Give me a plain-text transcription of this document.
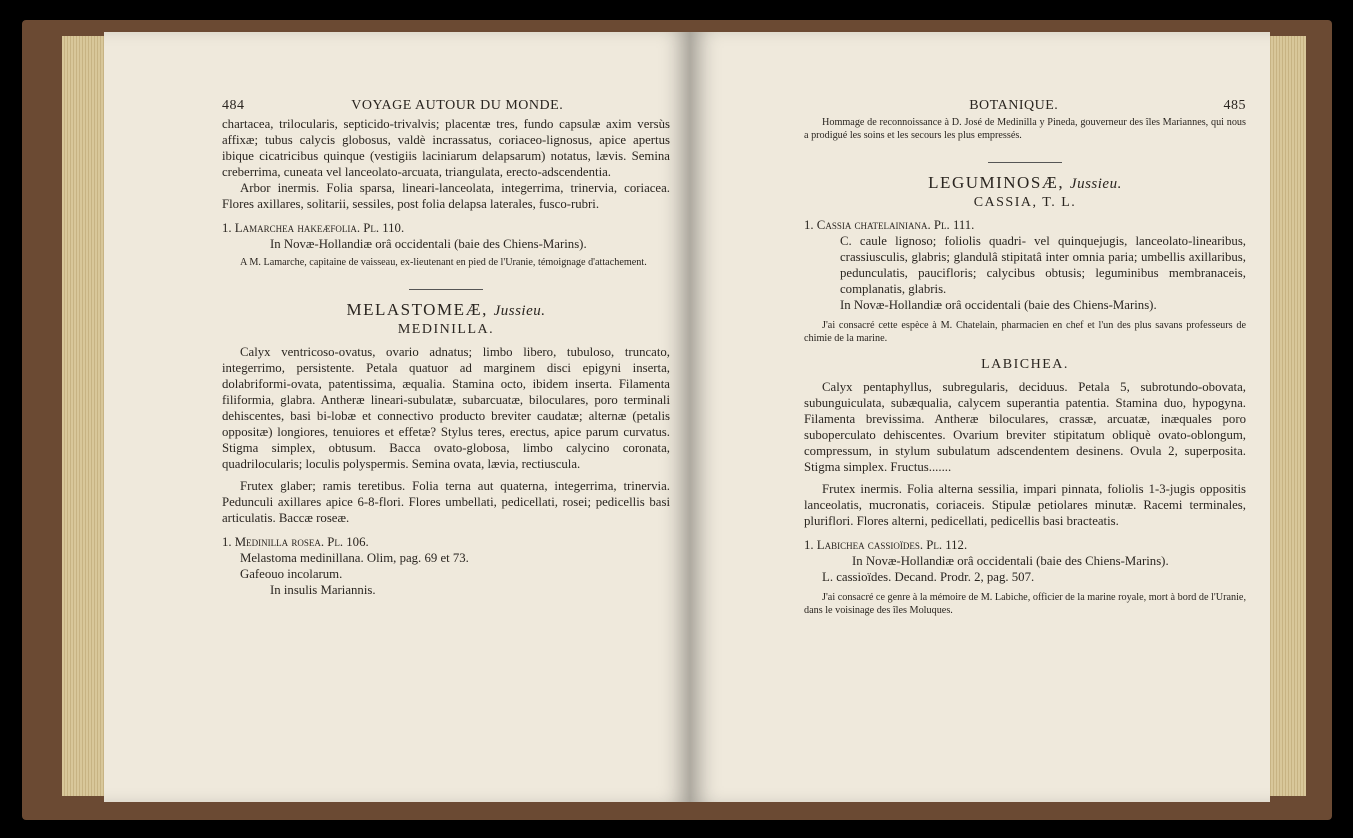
484	VOYAGE AUTOUR DU MONDE.

chartacea, trilocularis, septicido-trivalvis; placentæ tres, fundo capsulæ axim versùs affixæ; tubus calycis globosus, valdè incrassatus, coriaceo-lignosus, apice apertus ibique cicatricibus quinque (vestigiis laciniarum delapsarum) notatus, lævis. Semina creberrima, cuneata vel lanceolato-arcuata, triangulata, erecto-adscendentia.

Arbor inermis. Folia sparsa, lineari-lanceolata, integerrima, trinervia, coriacea. Flores axillares, solitarii, sessiles, post folia delapsa laterales, fusco-rubri.

1. Lamarchea hakeæfolia. Pl. 110.

In Novæ-Hollandiæ orâ occidentali (baie des Chiens-Marins).

A M. Lamarche, capitaine de vaisseau, ex-lieutenant en pied de l'Uranie, témoignage d'attachement.

MELASTOMEÆ, Jussieu.
MEDINILLA.

Calyx ventricoso-ovatus, ovario adnatus; limbo libero, tubuloso, truncato, integerrimo, persistente. Petala quatuor ad marginem disci epigyni inserta, dolabriformi-ovata, patentissima, æqualia. Stamina octo, ibidem inserta. Filamenta filiformia, glabra. Antheræ lineari-subulatæ, subarcuatæ, biloculares, poro terminali dehiscentes, basi bi-lobæ et connectivo producto breviter caudatæ; alternæ (petalis oppositæ) longiores, tenuiores et effetæ? Stylus teres, erectus, apice parum curvatus. Stigma simplex, obtusum. Bacca ovato-globosa, limbo calycino coronata, quadrilocularis; loculis polyspermis. Semina ovata, lævia, rectiuscula.

Frutex glaber; ramis teretibus. Folia terna aut quaterna, integerrima, trinervia. Pedunculi axillares apice 6-8-flori. Flores umbellati, pedicellati, rosei; pedicellis basi articulatis. Baccæ roseæ.

1. Medinilla rosea. Pl. 106.

Melastoma medinillana. Olim, pag. 69 et 73.

Gafeouo incolarum.

In insulis Mariannis.

BOTANIQUE.	485

Hommage de reconnoissance à D. José de Medinilla y Pineda, gouverneur des îles Mariannes, qui nous a prodigué les soins et les secours les plus empressés.

LEGUMINOSÆ, Jussieu.
CASSIA, T. L.

1. Cassia chatelainiana. Pl. 111.

C. caule lignoso; foliolis quadri- vel quinquejugis, lanceolato-linearibus, crassiusculis, glabris; glandulâ stipitatâ inter omnia paria; umbellis axillaribus, pedunculatis, paucifloris; calycibus obtusis; leguminibus membranaceis, complanatis, glabris.

In Novæ-Hollandiæ orâ occidentali (baie des Chiens-Marins).

J'ai consacré cette espèce à M. Chatelain, pharmacien en chef et l'un des plus savans professeurs de chimie de la marine.

LABICHEA.

Calyx pentaphyllus, subregularis, deciduus. Petala 5, subrotundo-obovata, subunguiculata, subæqualia, calycem superantia patentia. Stamina duo, hypogyna. Filamenta brevissima. Antheræ biloculares, crassæ, arcuatæ, inæquales poro suboperculato dehiscentes. Ovarium breviter stipitatum obliquè ovato-oblongum, compressum, in stylum subulatum adscendentem desinens. Ovula 2, superposita. Stigma simplex. Fructus.......

Frutex inermis. Folia alterna sessilia, impari pinnata, foliolis 1-3-jugis oppositis lanceolatis, mucronatis, coriaceis. Stipulæ petiolares minutæ. Racemi terminales, pluriflori. Flores alterni, pedicellati, pedicellis basi bracteatis.

1. Labichea cassioïdes. Pl. 112.

In Novæ-Hollandiæ orâ occidentali (baie des Chiens-Marins).

L. cassioïdes. Decand. Prodr. 2, pag. 507.

J'ai consacré ce genre à la mémoire de M. Labiche, officier de la marine royale, mort à bord de l'Uranie, dans le voisinage des îles Moluques.
